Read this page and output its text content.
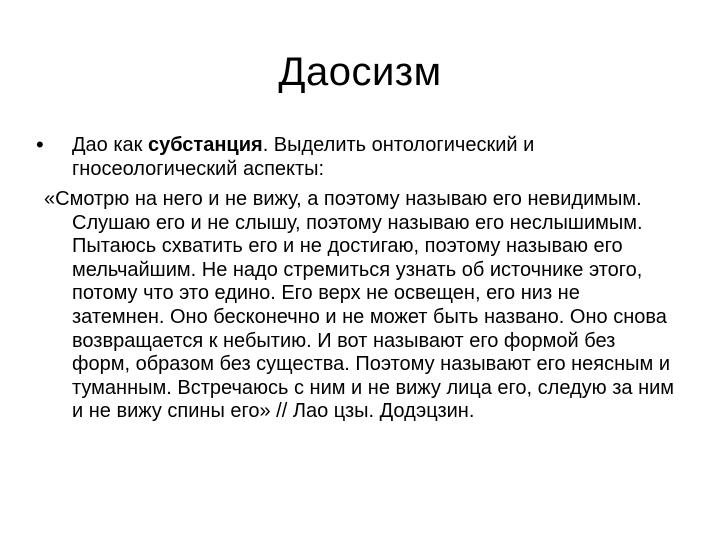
Даосизм
•	Дао как субстанция. Выделить онтологический и гносеологический аспекты:

«Смотрю на него и не вижу, а поэтому называю его невидимым. Слушаю его и не слышу, поэтому называю его неслышимым. Пытаюсь схватить его и не достигаю, поэтому называю его мельчайшим. Не надо стремиться узнать об источнике этого, потому что это едино. Его верх не освещен, его низ не затемнен. Оно бесконечно и не может быть названо. Оно снова возвращается к небытию. И вот называют его формой без форм, образом без существа. Поэтому называют его неясным и туманным. Встречаюсь с ним и не вижу лица его, следую за ним и не вижу спины его» // Лао цзы. Додэцзин.
